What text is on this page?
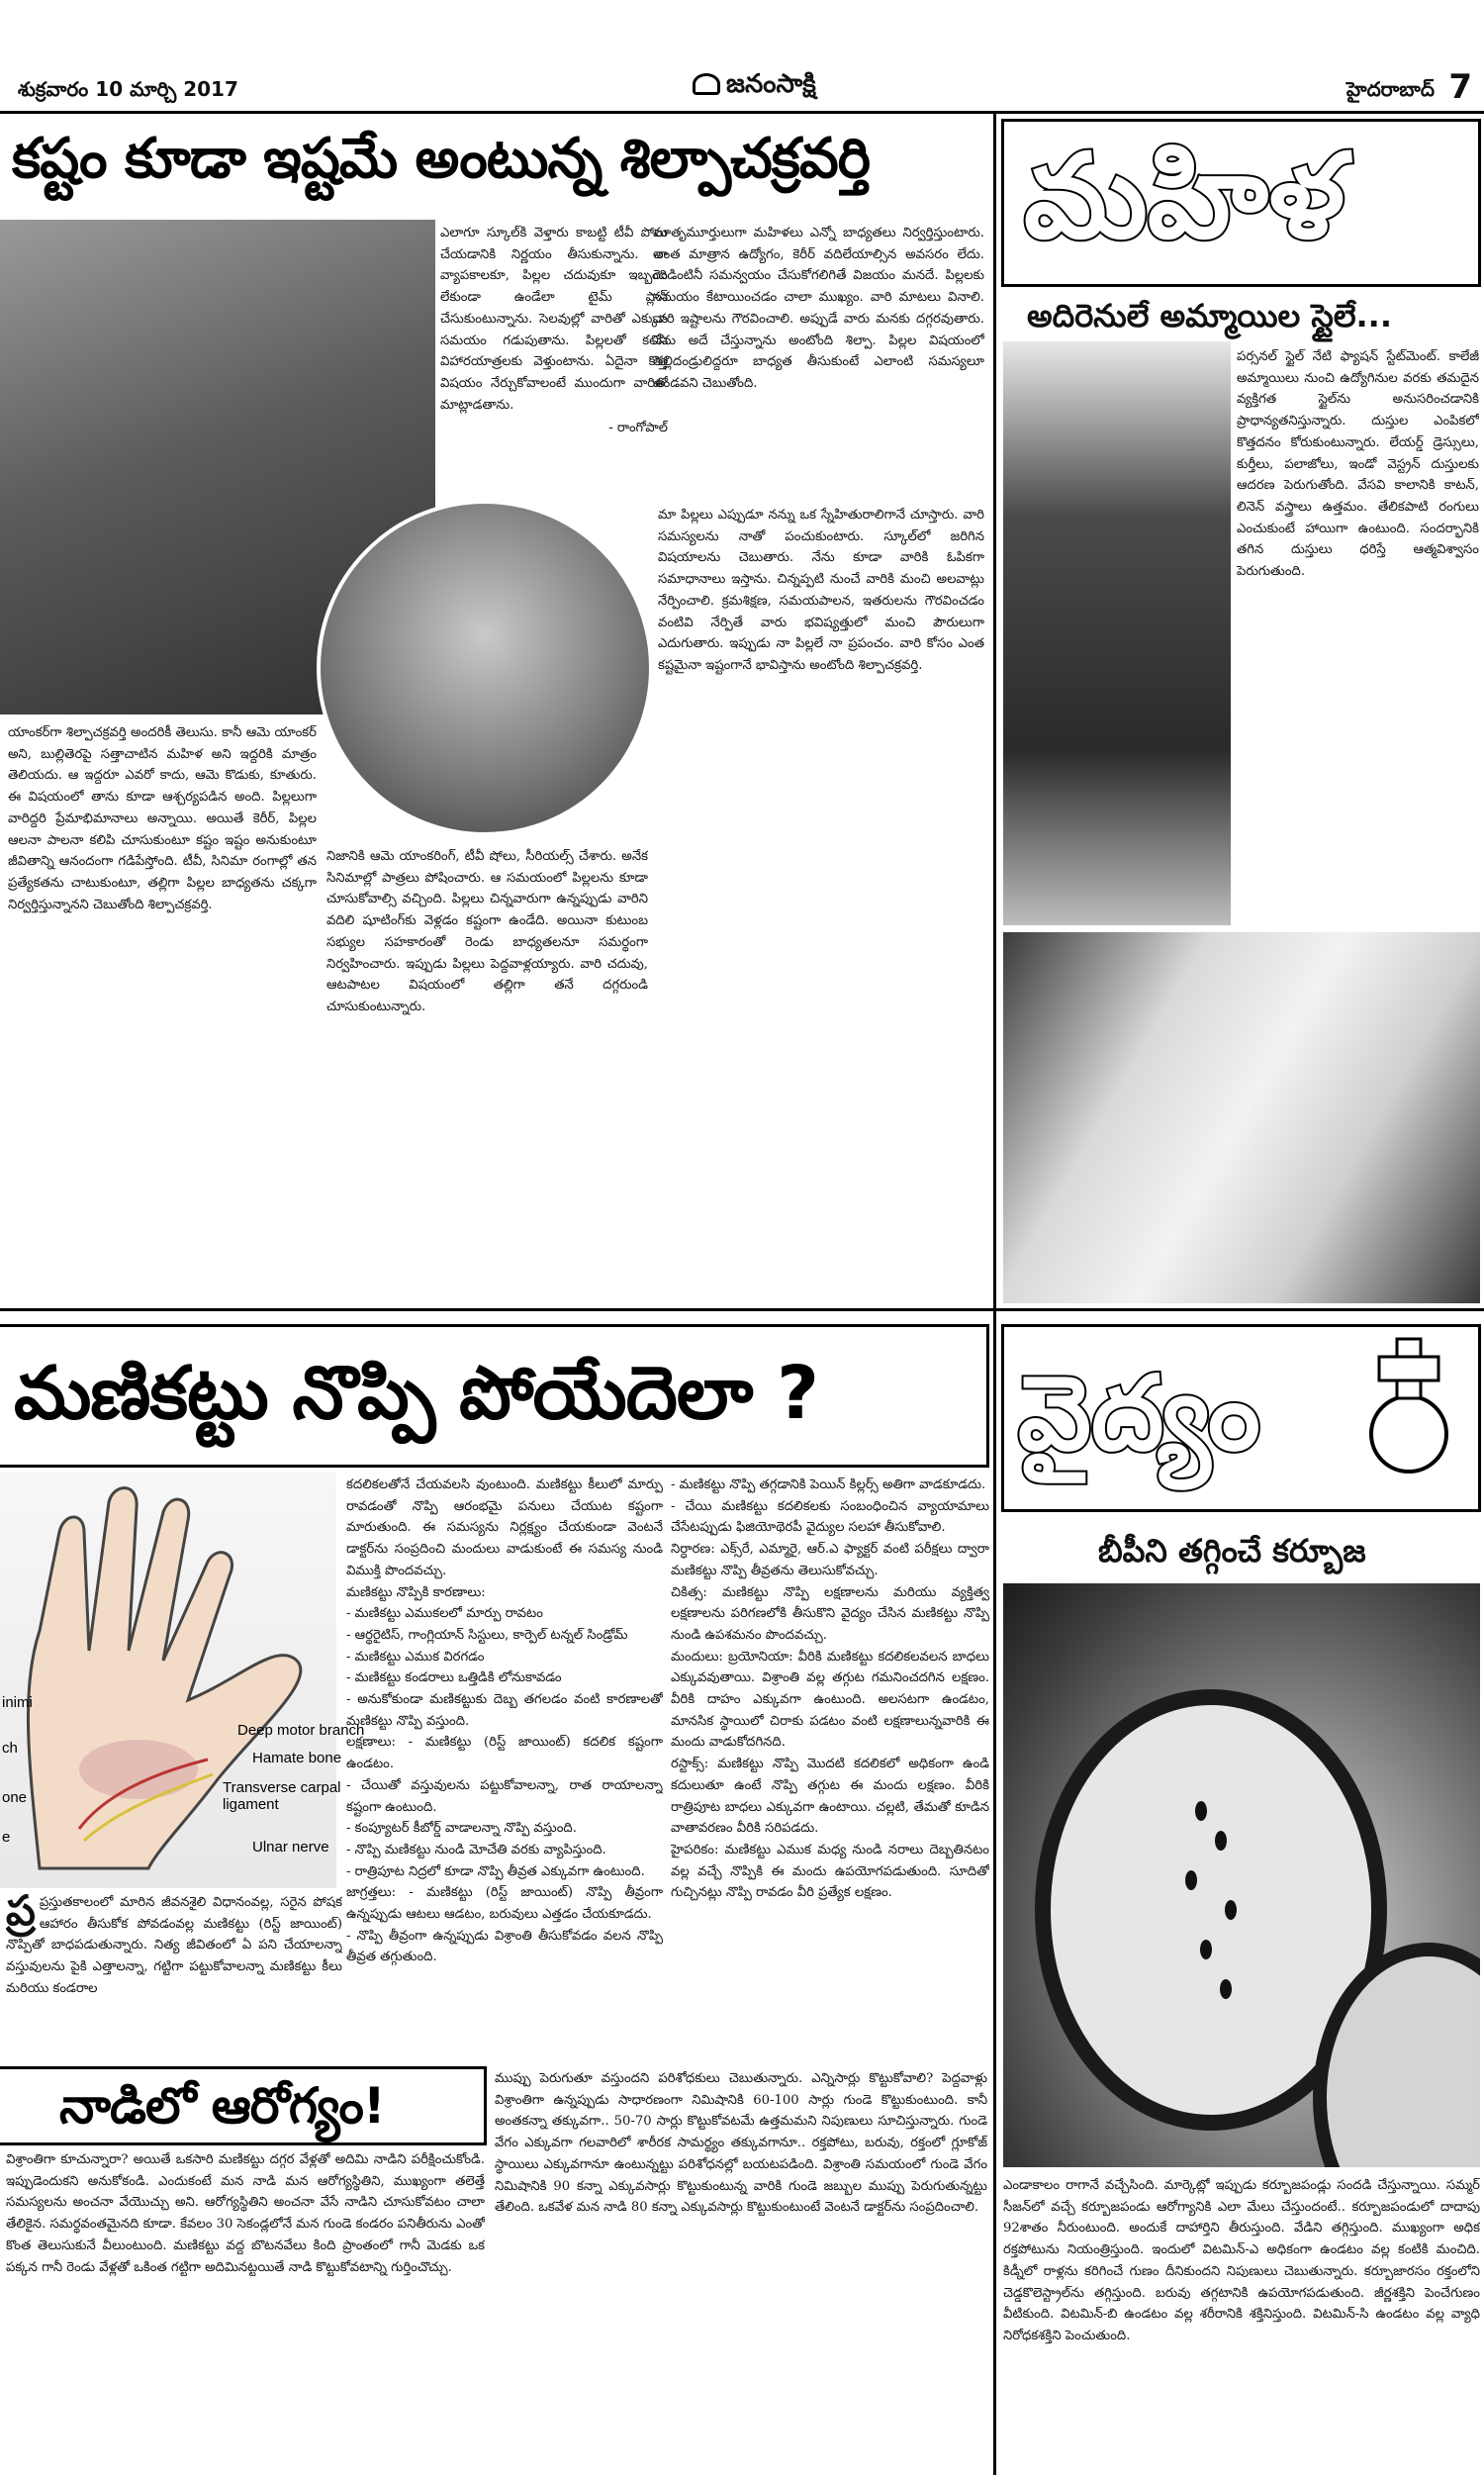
శుక్రవారం 10 మార్చి 2017	జనంసాక్షి	హైదరాబాద్ 7
కష్టం కూడా ఇష్టమే అంటున్న శిల్పాచక్రవర్తి
యాంకర్‌గా శిల్పాచక్రవర్తి అందరికీ తెలుసు. కానీ ఆమె యాంకర్ అని, బుల్లితెరపై సత్తాచాటిన మహిళ అని ఇద్దరికి మాత్రం తెలియదు. ఆ ఇద్దరూ ఎవరో కాదు, ఆమె కొడుకు, కూతురు. ఈ విషయంలో తాను కూడా ఆశ్చర్యపడిన అంది. పిల్లలుగా వారిద్దరి ప్రేమాభిమానాలు అన్నాయి. అయితే కెరీర్, పిల్లల ఆలనా పాలనా కలిపి చూసుకుంటూ కష్టం ఇష్టం అనుకుంటూ జీవితాన్ని ఆనందంగా గడిపేస్తోంది. టీవీ, సినిమా రంగాల్లో తన ప్రత్యేకతను చాటుకుంటూ, తల్లిగా పిల్లల బాధ్యతను చక్కగా నిర్వర్తిస్తున్నానని చెబుతోంది శిల్పాచక్రవర్తి.
ఎలాగూ స్కూల్‌కి వెళ్తారు కాబట్టి టీవీ పోలు చేయడానికి నిర్ణయం తీసుకున్నాను. నా వ్యాపకాలకూ, పిల్లల చదువుకూ ఇబ్బంది లేకుండా ఉండేలా టైమ్ ప్లాన్ చేసుకుంటున్నాను. సెలవుల్లో వారితో ఎక్కువ సమయం గడుపుతాను. పిల్లలతో కలిసి విహారయాత్రలకు వెళ్తుంటాను. ఏదైనా కొత్త విషయం నేర్చుకోవాలంటే ముందుగా వారితో మాట్లాడతాను.
- రాంగోపాల్
మాతృమూర్తులుగా మహిళలు ఎన్నో బాధ్యతలు నిర్వర్తిస్తుంటారు. అంత మాత్రాన ఉద్యోగం, కెరీర్ వదిలేయాల్సిన అవసరం లేదు. రెండింటినీ సమన్వయం చేసుకోగలిగితే విజయం మనదే. పిల్లలకు సమయం కేటాయించడం చాలా ముఖ్యం. వారి మాటలు వినాలి. వారి ఇష్టాలను గౌరవించాలి. అప్పుడే వారు మనకు దగ్గరవుతారు. నేను అదే చేస్తున్నాను అంటోంది శిల్పా. పిల్లల విషయంలో తల్లిదండ్రులిద్దరూ బాధ్యత తీసుకుంటే ఎలాంటి సమస్యలూ ఉండవని చెబుతోంది.
నిజానికి ఆమె యాంకరింగ్, టీవీ షోలు, సీరియల్స్ చేశారు. అనేక సినిమాల్లో పాత్రలు పోషించారు. ఆ సమయంలో పిల్లలను కూడా చూసుకోవాల్సి వచ్చింది. పిల్లలు చిన్నవారుగా ఉన్నప్పుడు వారిని వదిలి షూటింగ్‌కు వెళ్లడం కష్టంగా ఉండేది. అయినా కుటుంబ సభ్యుల సహకారంతో రెండు బాధ్యతలనూ సమర్థంగా నిర్వహించారు. ఇప్పుడు పిల్లలు పెద్దవాళ్లయ్యారు. వారి చదువు, ఆటపాటల విషయంలో తల్లిగా తనే దగ్గరుండి చూసుకుంటున్నారు.
మా పిల్లలు ఎప్పుడూ నన్ను ఒక స్నేహితురాలిగానే చూస్తారు. వారి సమస్యలను నాతో పంచుకుంటారు. స్కూల్‌లో జరిగిన విషయాలను చెబుతారు. నేను కూడా వారికి ఓపికగా సమాధానాలు ఇస్తాను. చిన్నప్పటి నుంచే వారికి మంచి అలవాట్లు నేర్పించాలి. క్రమశిక్షణ, సమయపాలన, ఇతరులను గౌరవించడం వంటివి నేర్పితే వారు భవిష్యత్తులో మంచి పౌరులుగా ఎదుగుతారు. ఇప్పుడు నా పిల్లలే నా ప్రపంచం. వారి కోసం ఎంత కష్టమైనా ఇష్టంగానే భావిస్తాను అంటోంది శిల్పాచక్రవర్తి.
మహిళ
అదిరెనులే అమ్మాయిల స్టైలే...
పర్సనల్ స్టైల్ నేటి ఫ్యాషన్ స్టేట్‌మెంట్. కాలేజీ అమ్మాయిలు నుంచి ఉద్యోగినుల వరకు తమదైన వ్యక్తిగత స్టైల్‌ను అనుసరించడానికి ప్రాధాన్యతనిస్తున్నారు. దుస్తుల ఎంపికలో కొత్తదనం కోరుకుంటున్నారు. లేయర్డ్ డ్రెస్సులు, కుర్తీలు, పలాజోలు, ఇండో వెస్ట్రన్ దుస్తులకు ఆదరణ పెరుగుతోంది. వేసవి కాలానికి కాటన్, లినెన్ వస్త్రాలు ఉత్తమం. తేలికపాటి రంగులు ఎంచుకుంటే హాయిగా ఉంటుంది. సందర్భానికి తగిన దుస్తులు ధరిస్తే ఆత్మవిశ్వాసం పెరుగుతుంది.
మణికట్టు నొప్పి పోయేదెలా ?
Deep motor branch
Hamate bone
Transverse carpal ligament
Ulnar nerve
inimi
ch
one
e
ప్ర ప్రస్తుతకాలంలో మారిన జీవనశైలి విధానంవల్ల, సరైన పోషక ఆహారం తీసుకోక పోవడంవల్ల మణికట్టు (రిస్ట్ జాయింట్) నొప్పితో బాధపడుతున్నారు. నిత్య జీవితంలో ఏ పని చేయాలన్నా వస్తువులను పైకి ఎత్తాలన్నా, గట్టిగా పట్టుకోవాలన్నా మణికట్టు కీలు మరియు కండరాల
కదలికలతోనే చేయవలసి వుంటుంది. మణికట్టు కీలులో మార్పు రావడంతో నొప్పి ఆరంభమై పనులు చేయుట కష్టంగా మారుతుంది. ఈ సమస్యను నిర్లక్ష్యం చేయకుండా వెంటనే డాక్టర్‌ను సంప్రదించి మందులు వాడుకుంటే ఈ సమస్య నుండి విముక్తి పొందవచ్చు.
మణికట్టు నొప్పికి కారణాలు:
- మణికట్టు ఎముకలలో మార్పు రావటం
- ఆర్థరైటిస్, గాంగ్లియాన్ సిస్టులు, కార్పెల్ టన్నల్ సిండ్రోమ్
- మణికట్టు ఎముక విరగడం
- మణికట్టు కండరాలు ఒత్తిడికి లోనుకావడం
- అనుకోకుండా మణికట్టుకు దెబ్బ తగలడం వంటి కారణాలతో మణికట్టు నొప్పి వస్తుంది.
లక్షణాలు: - మణికట్టు (రిస్ట్ జాయింట్) కదలిక కష్టంగా ఉండటం.
- చేయితో వస్తువులను పట్టుకోవాలన్నా, రాత రాయాలన్నా కష్టంగా ఉంటుంది.
- కంప్యూటర్ కీబోర్డ్ వాడాలన్నా నొప్పి వస్తుంది.
- నొప్పి మణికట్టు నుండి మోచేతి వరకు వ్యాపిస్తుంది.
- రాత్రిపూట నిద్రలో కూడా నొప్పి తీవ్రత ఎక్కువగా ఉంటుంది.
జాగ్రత్తలు: - మణికట్టు (రిస్ట్ జాయింట్) నొప్పి తీవ్రంగా ఉన్నప్పుడు ఆటలు ఆడటం, బరువులు ఎత్తడం చేయకూడదు.
- నొప్పి తీవ్రంగా ఉన్నప్పుడు విశ్రాంతి తీసుకోవడం వలన నొప్పి తీవ్రత తగ్గుతుంది.
- మణికట్టు నొప్పి తగ్గడానికి పెయిన్ కిల్లర్స్ అతిగా వాడకూడదు.
- చేయి మణికట్టు కదలికలకు సంబంధించిన వ్యాయామాలు చేసేటప్పుడు ఫిజియోథెరపీ వైద్యుల సలహా తీసుకోవాలి.
నిర్ధారణ: ఎక్స్‌రే, ఎమ్మారై, ఆర్.ఎ ఫ్యాక్టర్ వంటి పరీక్షలు ద్వారా మణికట్టు నొప్పి తీవ్రతను తెలుసుకోవచ్చు.
చికిత్స: మణికట్టు నొప్పి లక్షణాలను మరియు వ్యక్తిత్వ లక్షణాలను పరిగణలోకి తీసుకొని వైద్యం చేసిన మణికట్టు నొప్పి నుండి ఉపశమనం పొందవచ్చు.
మందులు: బ్రయోనియా: వీరికి మణికట్టు కదలికలవలన బాధలు ఎక్కువవుతాయి. విశ్రాంతి వల్ల తగ్గుట గమనించదగిన లక్షణం. వీరికి దాహం ఎక్కువగా ఉంటుంది. అలసటగా ఉండటం, మానసిక స్థాయిలో చిరాకు పడటం వంటి లక్షణాలున్నవారికి ఈ మందు వాడుకోదగినది.
రస్టాక్స్: మణికట్టు నొప్పి మొదటి కదలికలో అధికంగా ఉండి కదులుతూ ఉంటే నొప్పి తగ్గుట ఈ మందు లక్షణం. వీరికి రాత్రిపూట బాధలు ఎక్కువగా ఉంటాయి. చల్లటి, తేమతో కూడిన వాతావరణం వీరికి సరిపడదు.
హైపరికం: మణికట్టు ఎముక మధ్య నుండి నరాలు దెబ్బతినటం వల్ల వచ్చే నొప్పికి ఈ మందు ఉపయోగపడుతుంది. సూదితో గుచ్చినట్లు నొప్పి రావడం వీరి ప్రత్యేక లక్షణం.
వైద్యం
బీపీని తగ్గించే కర్బూజ
ఎండాకాలం రాగానే వచ్చేసింది. మార్కెట్లో ఇప్పుడు కర్బూజపండ్లు సందడి చేస్తున్నాయి. సమ్మర్ సీజన్‌లో వచ్చే కర్బూజపండు ఆరోగ్యానికి ఎలా మేలు చేస్తుందంటే.. కర్బూజపండులో దాదాపు 92శాతం నీరుంటుంది. అందుకే దాహార్తిని తీరుస్తుంది. వేడిని తగ్గిస్తుంది. ముఖ్యంగా అధిక రక్తపోటును నియంత్రిస్తుంది. ఇందులో విటమిన్-ఎ అధికంగా ఉండటం వల్ల కంటికి మంచిది. కిడ్నీలో రాళ్లను కరిగించే గుణం దీనికుందని నిపుణులు చెబుతున్నారు. కర్బూజారసం రక్తంలోని చెడ్డకొలెస్ట్రాల్‌ను తగ్గిస్తుంది. బరువు తగ్గటానికి ఉపయోగపడుతుంది. జీర్ణశక్తిని పెంచేగుణం వీటికుంది. విటమిన్-బి ఉండటం వల్ల శరీరానికి శక్తినిస్తుంది. విటమిన్-సి ఉండటం వల్ల వ్యాధి నిరోధకశక్తిని పెంచుతుంది.
నాడిలో ఆరోగ్యం!
విశ్రాంతిగా కూచున్నారా? అయితే ఒకసారి మణికట్టు దగ్గర వేళ్లతో అదిమి నాడిని పరీక్షించుకోండి. ఇప్పుడెందుకని అనుకోకండి. ఎందుకంటే మన నాడి మన ఆరోగ్యస్థితిని, ముఖ్యంగా తలెత్తే సమస్యలను అంచనా వేయొచ్చు అని. ఆరోగ్యస్థితిని అంచనా వేసే నాడిని చూసుకోవటం చాలా తేలికైన. సమర్థవంతమైనది కూడా. కేవలం 30 సెకండ్లలోనే మన గుండె కండరం పనితీరును ఎంతో కొంత తెలుసుకునే వీలుంటుంది. మణికట్టు వద్ద బొటనవేలు కింది ప్రాంతంలో గానీ మెడకు ఒక పక్కన గానీ రెండు వేళ్లతో ఒకింత గట్టిగా అదిమినట్టయితే నాడి కొట్టుకోవటాన్ని గుర్తించొచ్చు.
ముప్పు పెరుగుతూ వస్తుందని పరిశోధకులు చెబుతున్నారు. ఎన్నిసార్లు కొట్టుకోవాలి? పెద్దవాళ్లు విశ్రాంతిగా ఉన్నప్పుడు సాధారణంగా నిమిషానికి 60-100 సార్లు గుండె కొట్టుకుంటుంది. కానీ అంతకన్నా తక్కువగా.. 50-70 సార్లు కొట్టుకోవటమే ఉత్తమమని నిపుణులు సూచిస్తున్నారు. గుండె వేగం ఎక్కువగా గలవారిలో శారీరక సామర్థ్యం తక్కువగానూ.. రక్తపోటు, బరువు, రక్తంలో గ్లూకోజ్ స్థాయిలు ఎక్కువగానూ ఉంటున్నట్టు పరిశోధనల్లో బయటపడింది. విశ్రాంతి సమయంలో గుండె వేగం నిమిషానికి 90 కన్నా ఎక్కువసార్లు కొట్టుకుంటున్న వారికి గుండె జబ్బుల ముప్పు పెరుగుతున్నట్టు తేలింది. ఒకవేళ మన నాడి 80 కన్నా ఎక్కువసార్లు కొట్టుకుంటుంటే వెంటనే డాక్టర్‌ను సంప్రదించాలి.
